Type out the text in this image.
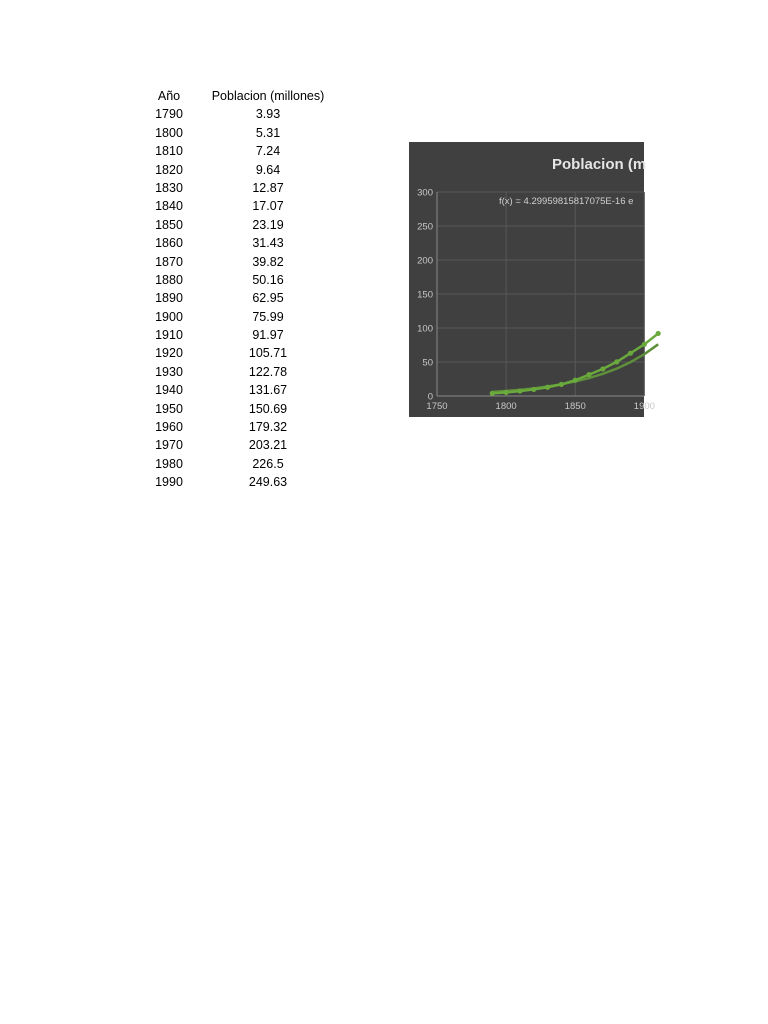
Año	Poblacion (millones)
1790	3.93
1800	5.31
1810	7.24
1820	9.64
1830	12.87
1840	17.07
1850	23.19
1860	31.43
1870	39.82
1880	50.16
1890	62.95
1900	75.99
1910	91.97
1920	105.71
1930	122.78
1940	131.67
1950	150.69
1960	179.32
1970	203.21
1980	226.5
1990	249.63
0
50
100
150
200
250
300
1750	1800	1850	1900
Poblacion (m
f(x) = 4.29959815817075E-16 e
